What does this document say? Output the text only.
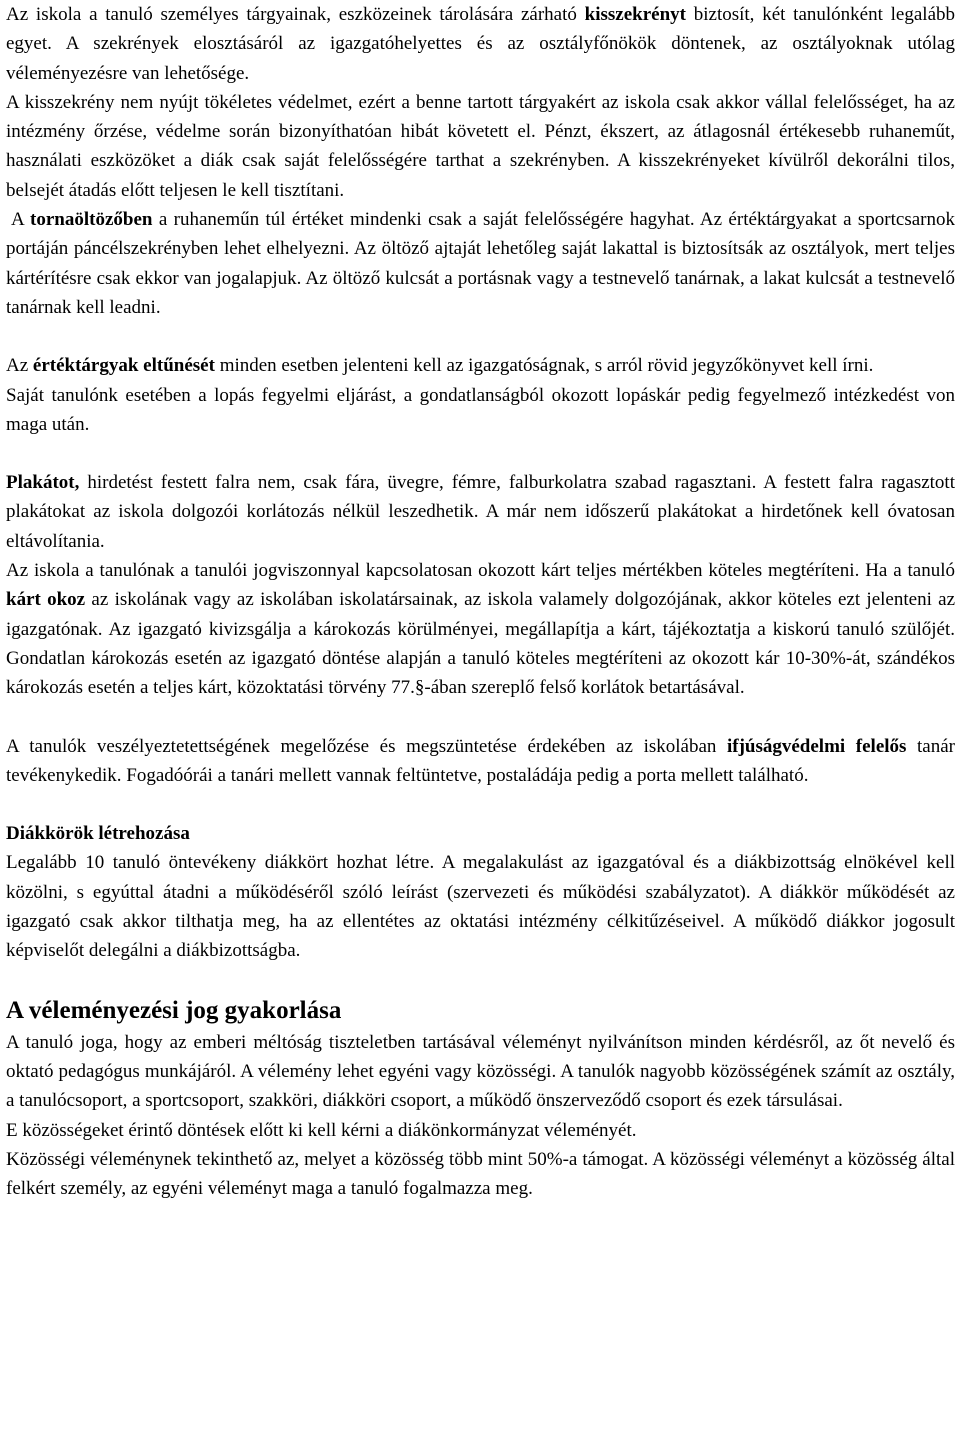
Az iskola a tanuló személyes tárgyainak, eszközeinek tárolására zárható kisszekrényt biztosít, két tanulónként legalább egyet. A szekrények elosztásáról az igazgatóhelyettes és az osztályfőnökök döntenek, az osztályoknak utólag véleményezésre van lehetősége.

A kisszekrény nem nyújt tökéletes védelmet, ezért a benne tartott tárgyakért az iskola csak akkor vállal felelősséget, ha az intézmény őrzése, védelme során bizonyíthatóan hibát követett el. Pénzt, ékszert, az átlagosnál értékesebb ruhaneműt, használati eszközöket a diák csak saját felelősségére tarthat a szekrényben. A kisszekrényeket kívülről dekorálni tilos, belsejét átadás előtt teljesen le kell tisztítani.

A tornaöltözőben a ruhaneműn túl értéket mindenki csak a saját felelősségére hagyhat. Az értéktárgyakat a sportcsarnok portáján páncélszekrényben lehet elhelyezni. Az öltöző ajtaját lehetőleg saját lakattal is biztosítsák az osztályok, mert teljes kártérítésre csak ekkor van jogalapjuk. Az öltöző kulcsát a portásnak vagy a testnevelő tanárnak, a lakat kulcsát a testnevelő tanárnak kell leadni.

Az értéktárgyak eltűnését minden esetben jelenteni kell az igazgatóságnak, s arról rövid jegyzőkönyvet kell írni.

Saját tanulónk esetében a lopás fegyelmi eljárást, a gondatlanságból okozott lopáskár pedig fegyelmező intézkedést von maga után.

Plakátot, hirdetést festett falra nem, csak fára, üvegre, fémre, falburkolatra szabad ragasztani. A festett falra ragasztott plakátokat az iskola dolgozói korlátozás nélkül leszedhetik. A már nem időszerű plakátokat a hirdetőnek kell óvatosan eltávolítania.

Az iskola a tanulónak a tanulói jogviszonnyal kapcsolatosan okozott kárt teljes mértékben köteles megtéríteni. Ha a tanuló kárt okoz az iskolának vagy az iskolában iskolatársainak, az iskola valamely dolgozójának, akkor köteles ezt jelenteni az igazgatónak. Az igazgató kivizsgálja a károkozás körülményei, megállapítja a kárt, tájékoztatja a kiskorú tanuló szülőjét. Gondatlan károkozás esetén az igazgató döntése alapján a tanuló köteles megtéríteni az okozott kár 10-30%-át, szándékos károkozás esetén a teljes kárt, közoktatási törvény 77.§-ában szereplő felső korlátok betartásával.

A tanulók veszélyeztetettségének megelőzése és megszüntetése érdekében az iskolában ifjúságvédelmi felelős tanár tevékenykedik. Fogadóórái a tanári mellett vannak feltüntetve, postaládája pedig a porta mellett található.

Diákkörök létrehozása

Legalább 10 tanuló öntevékeny diákkört hozhat létre. A megalakulást az igazgatóval és a diákbizottság elnökével kell közölni, s egyúttal átadni a működéséről szóló leírást (szervezeti és működési szabályzatot). A diákkör működését az igazgató csak akkor tilthatja meg, ha az ellentétes az oktatási intézmény célkitűzéseivel. A működő diákkor jogosult képviselőt delegálni a diákbizottságba.

A véleményezési jog gyakorlása

A tanuló joga, hogy az emberi méltóság tiszteletben tartásával véleményt nyilvánítson minden kérdésről, az őt nevelő és oktató pedagógus munkájáról. A vélemény lehet egyéni vagy közösségi. A tanulók nagyobb közösségének számít az osztály, a tanulócsoport, a sportcsoport, szakköri, diákköri csoport, a működő önszerveződő csoport és ezek társulásai.

E közösségeket érintő döntések előtt ki kell kérni a diákönkormányzat véleményét.

Közösségi véleménynek tekinthető az, melyet a közösség több mint 50%-a támogat. A közösségi véleményt a közösség által felkért személy, az egyéni véleményt maga a tanuló fogalmazza meg.
